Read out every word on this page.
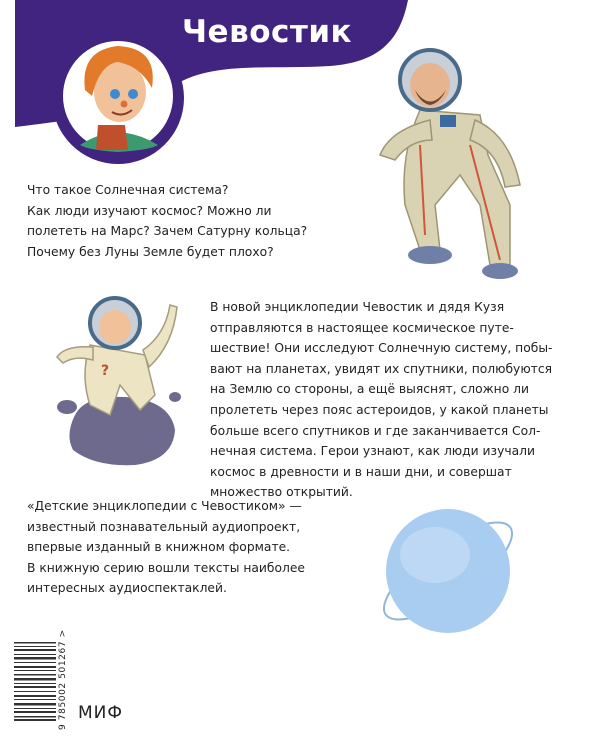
Чевостик
Что такое Солнечная система?
Как люди изучают космос? Можно ли
полететь на Марс? Зачем Сатурну кольца?
Почему без Луны Земле будет плохо?
?
В новой энциклопедии Чевостик и дядя Кузя
отправляются в настоящее космическое путе-
шествие! Они исследуют Солнечную систему, побы-
вают на планетах, увидят их спутники, полюбуются
на Землю со стороны, а ещё выяснят, сложно ли
пролететь через пояс астероидов, у какой планеты
больше всего спутников и где заканчивается Сол-
нечная система. Герои узнают, как люди изучали
космос в древности и в наши дни, и совершат
множество открытий.
«Детские энциклопедии с Чевостиком» —
известный познавательный аудиопроект,
впервые изданный в книжном формате.
В книжную серию вошли тексты наиболее
интересных аудиоспектаклей.
9 785002 501267 > МИФ
